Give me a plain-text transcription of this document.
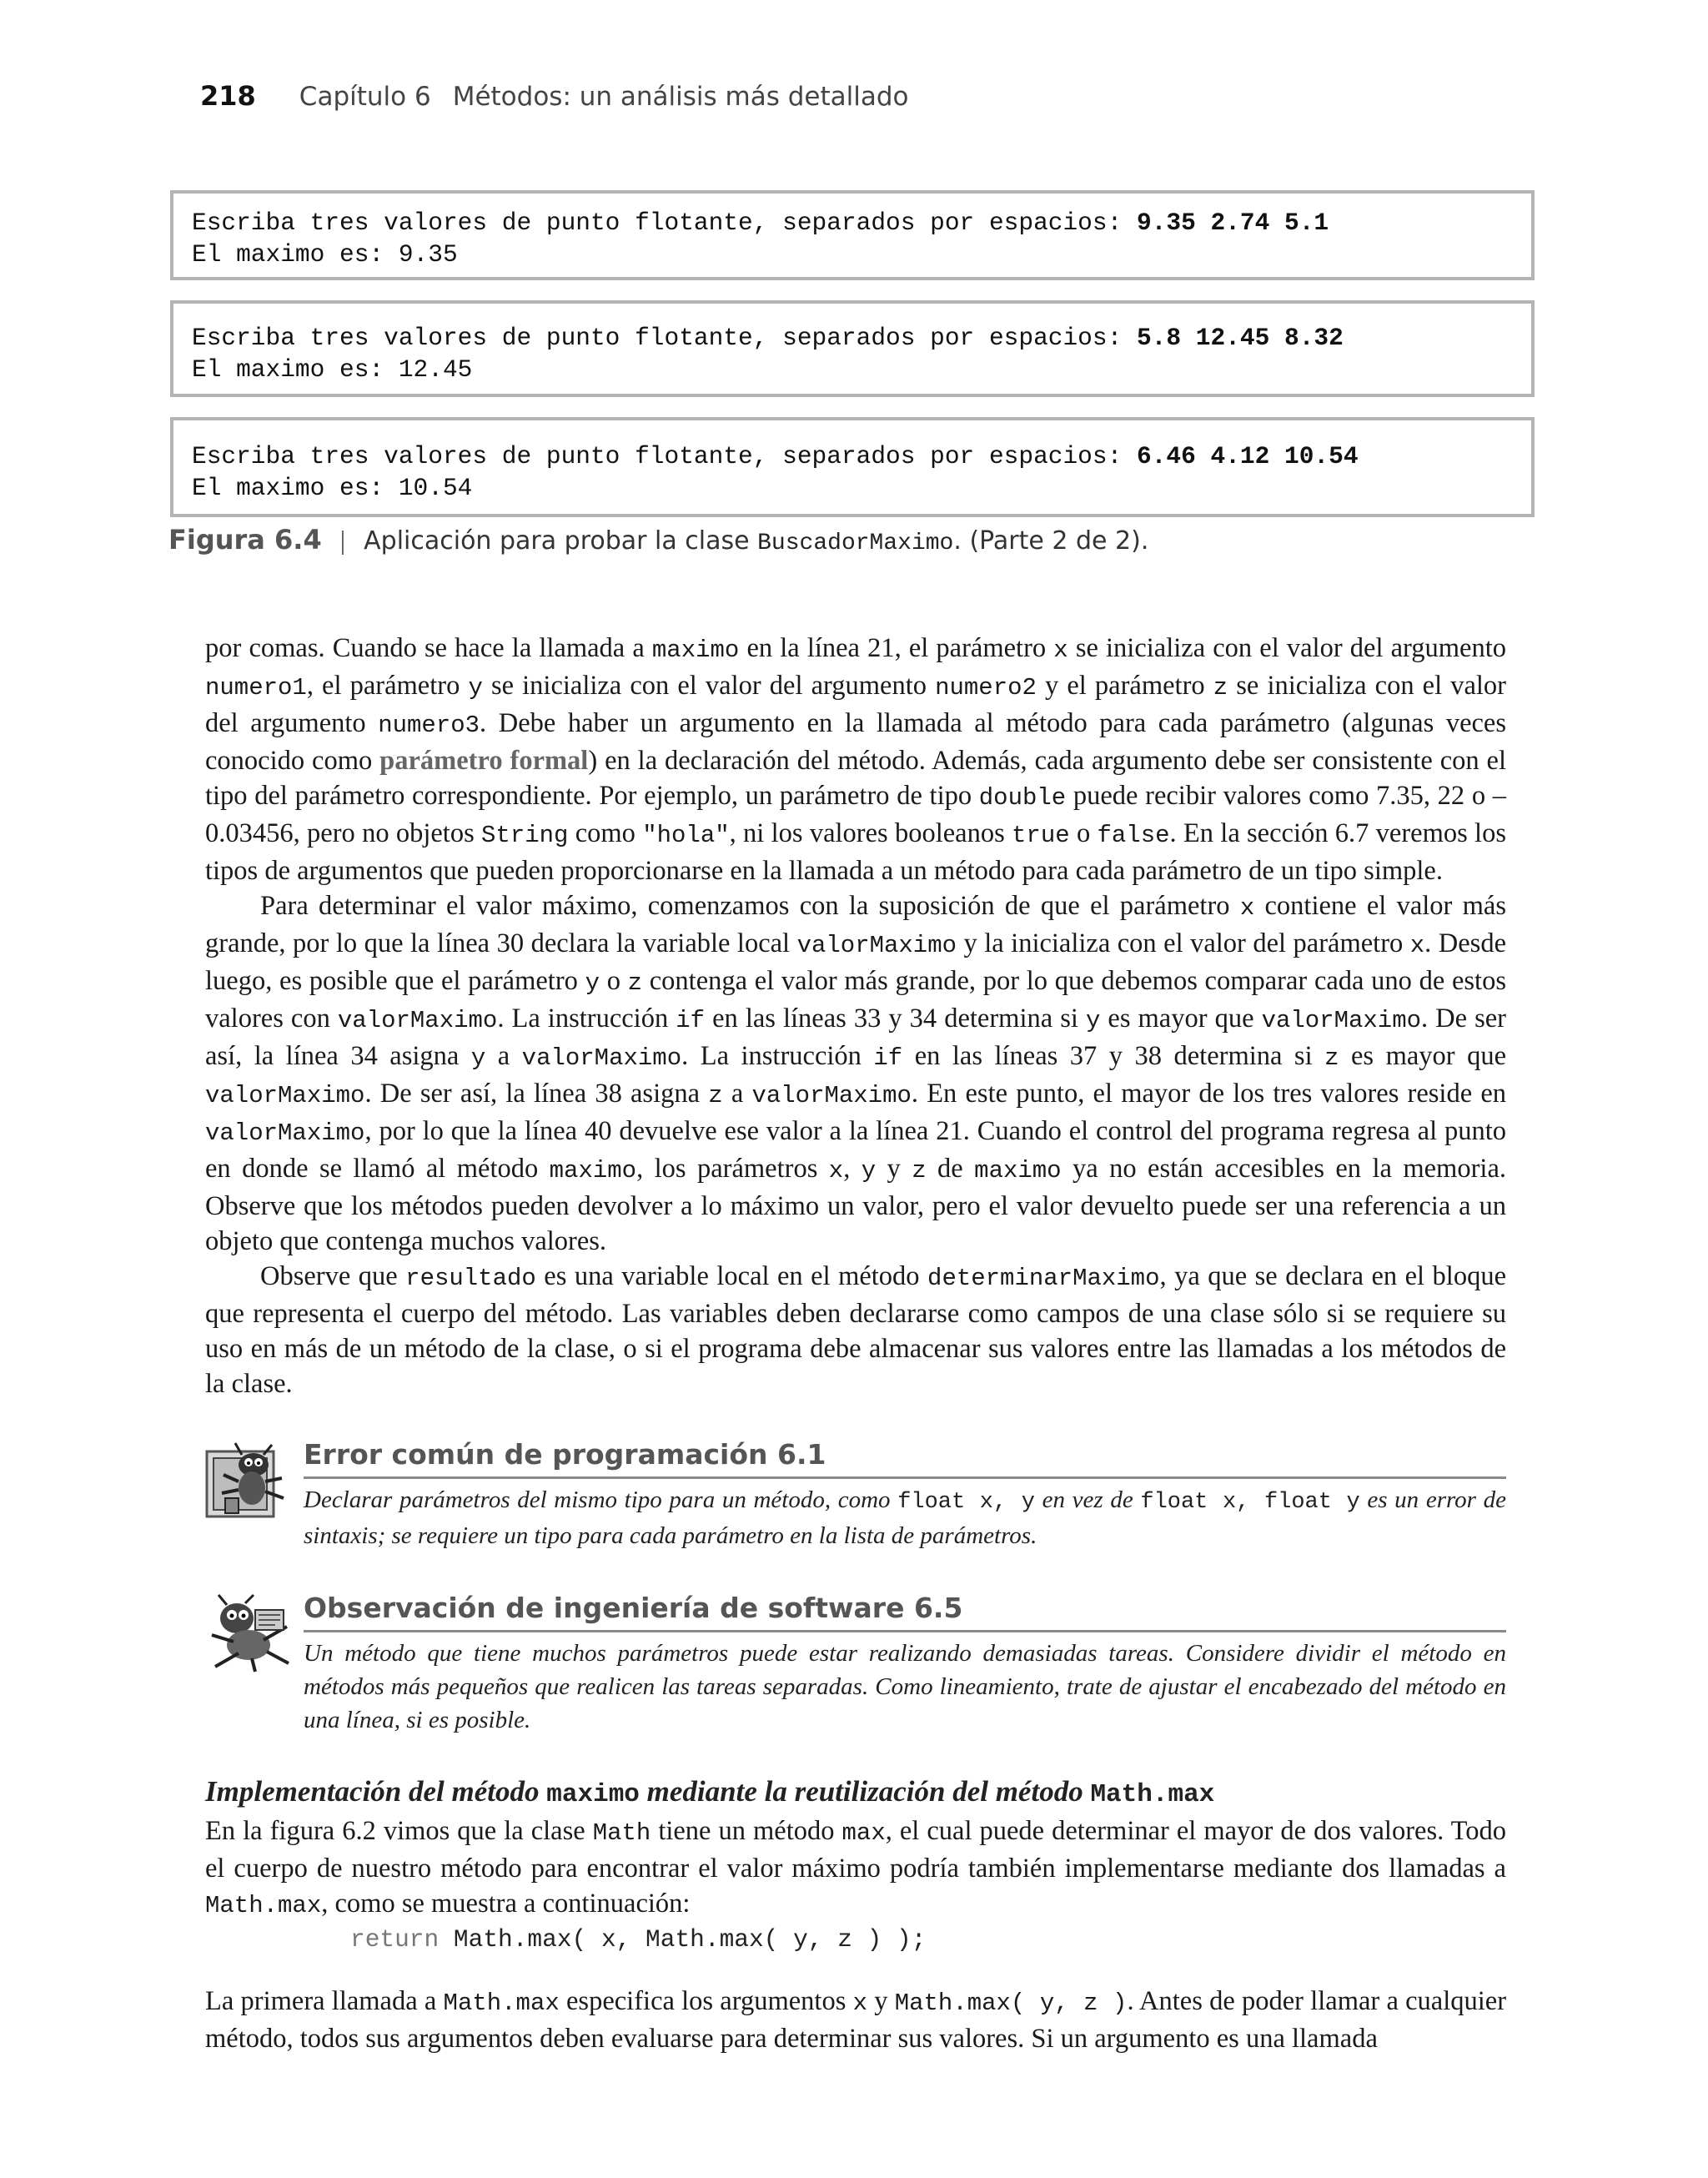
218 Capítulo 6 Métodos: un análisis más detallado
Escriba tres valores de punto flotante, separados por espacios: 9.35 2.74 5.1
El maximo es: 9.35
Escriba tres valores de punto flotante, separados por espacios: 5.8 12.45 8.32
El maximo es: 12.45
Escriba tres valores de punto flotante, separados por espacios: 6.46 4.12 10.54
El maximo es: 10.54
Figura 6.4 | Aplicación para probar la clase BuscadorMaximo. (Parte 2 de 2).

por comas. Cuando se hace la llamada a maximo en la línea 21, el parámetro x se inicializa con el valor del argumento numero1, el parámetro y se inicializa con el valor del argumento numero2 y el parámetro z se inicializa con el valor del argumento numero3. Debe haber un argumento en la llamada al método para cada parámetro (algunas veces conocido como parámetro formal) en la declaración del método. Además, cada argumento debe ser consistente con el tipo del parámetro correspondiente. Por ejemplo, un parámetro de tipo double puede recibir valores como 7.35, 22 o –0.03456, pero no objetos String como "hola", ni los valores booleanos true o false. En la sección 6.7 veremos los tipos de argumentos que pueden proporcionarse en la llamada a un método para cada parámetro de un tipo simple.

Para determinar el valor máximo, comenzamos con la suposición de que el parámetro x contiene el valor más grande, por lo que la línea 30 declara la variable local valorMaximo y la inicializa con el valor del parámetro x. Desde luego, es posible que el parámetro y o z contenga el valor más grande, por lo que debemos comparar cada uno de estos valores con valorMaximo. La instrucción if en las líneas 33 y 34 determina si y es mayor que valorMaximo. De ser así, la línea 34 asigna y a valorMaximo. La instrucción if en las líneas 37 y 38 determina si z es mayor que valorMaximo. De ser así, la línea 38 asigna z a valorMaximo. En este punto, el mayor de los tres valores reside en valorMaximo, por lo que la línea 40 devuelve ese valor a la línea 21. Cuando el control del programa regresa al punto en donde se llamó al método maximo, los parámetros x, y y z de maximo ya no están accesibles en la memoria. Observe que los métodos pueden devolver a lo máximo un valor, pero el valor devuelto puede ser una referencia a un objeto que contenga muchos valores.

Observe que resultado es una variable local en el método determinarMaximo, ya que se declara en el bloque que representa el cuerpo del método. Las variables deben declararse como campos de una clase sólo si se requiere su uso en más de un método de la clase, o si el programa debe almacenar sus valores entre las llamadas a los métodos de la clase.

Error común de programación 6.1
Declarar parámetros del mismo tipo para un método, como float x, y en vez de float x, float y es un error de sintaxis; se requiere un tipo para cada parámetro en la lista de parámetros.
Observación de ingeniería de software 6.5
Un método que tiene muchos parámetros puede estar realizando demasiadas tareas. Considere dividir el método en métodos más pequeños que realicen las tareas separadas. Como lineamiento, trate de ajustar el encabezado del método en una línea, si es posible.
Implementación del método maximo mediante la reutilización del método Math.max

En la figura 6.2 vimos que la clase Math tiene un método max, el cual puede determinar el mayor de dos valores. Todo el cuerpo de nuestro método para encontrar el valor máximo podría también implementarse mediante dos llamadas a Math.max, como se muestra a continuación:

return Math.max( x, Math.max( y, z ) );

La primera llamada a Math.max especifica los argumentos x y Math.max( y, z ). Antes de poder llamar a cualquier método, todos sus argumentos deben evaluarse para determinar sus valores. Si un argumento es una llamada
